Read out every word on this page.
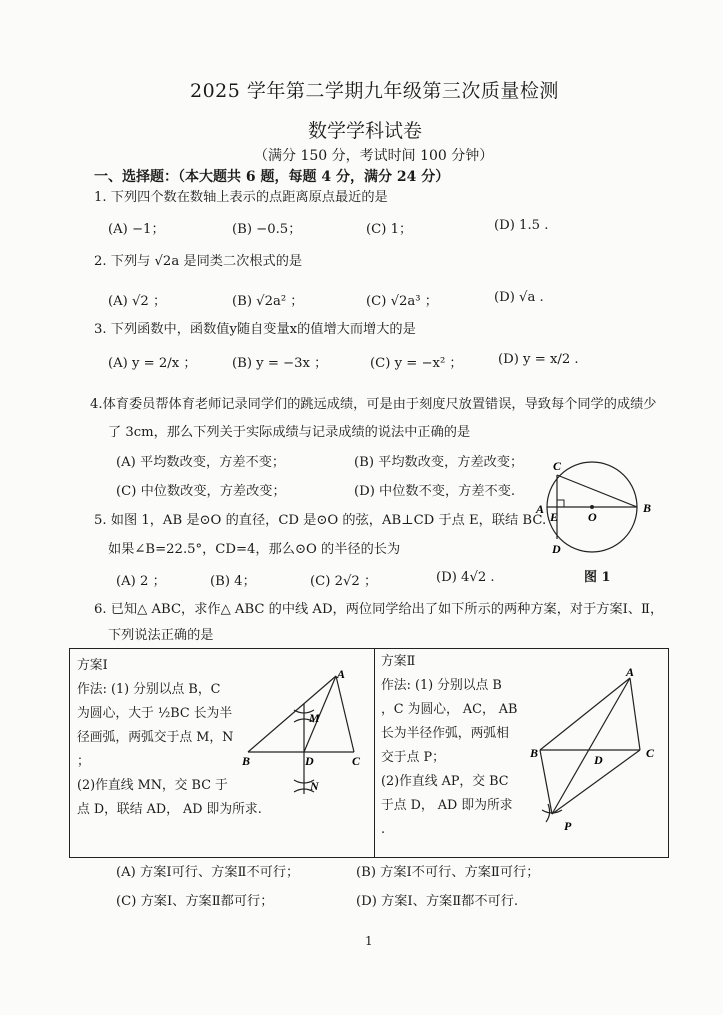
2025 学年第二学期九年级第三次质量检测
数学学科试卷
（满分 150 分，考试时间 100 分钟）
一、选择题：（本大题共 6 题，每题 4 分，满分 24 分）
1. 下列四个数在数轴上表示的点距离原点最近的是
(A) −1；	(B) −0.5；	(C) 1；	(D) 1.5 .
2. 下列与 √2a 是同类二次根式的是
(A) √2 ；	(B) √2a² ；	(C) √2a³ ；	(D) √a .
3. 下列函数中，函数值y随自变量x的值增大而增大的是
(A) y = 2/x ；	(B) y = −3x ；	(C) y = −x² ；	(D) y = x/2 .
4.体育委员帮体育老师记录同学们的跳远成绩，可是由于刻度尺放置错误，导致每个同学的成绩少
了 3cm，那么下列关于实际成绩与记录成绩的说法中正确的是
(A) 平均数改变，方差不变；	(B) 平均数改变，方差改变；
(C) 中位数改变，方差改变；	(D) 中位数不变，方差不变.
5. 如图 1，AB 是⊙O 的直径，CD 是⊙O 的弦，AB⊥CD 于点 E，联结 BC.
如果∠B=22.5°，CD=4，那么⊙O 的半径的长为
(A) 2 ；	(B) 4；	(C) 2√2 ；	(D) 4√2 .
C
A
E O
B
D
图 1
6. 已知△ ABC，求作△ ABC 的中线 AD，两位同学给出了如下所示的两种方案，对于方案Ⅰ、Ⅱ，
下列说法正确的是
方案Ⅰ
作法: (1) 分别以点 B，C
为圆心，大于 ½BC 长为半
径画弧，两弧交于点 M，N
；
(2)作直线 MN，交 BC 于
点 D，联结 AD， AD 即为所求.
A
M
B	D	C
N
方案Ⅱ
作法: (1) 分别以点 B
，C 为圆心， AC， AB
长为半径作弧，两弧相
交于点 P；
(2)作直线 AP，交 BC
于点 D， AD 即为所求
.
A
B	D	C
P
(A) 方案Ⅰ可行、方案Ⅱ不可行；	(B) 方案Ⅰ不可行、方案Ⅱ可行；
(C) 方案Ⅰ、方案Ⅱ都可行；	(D) 方案Ⅰ、方案Ⅱ都不可行.
1
